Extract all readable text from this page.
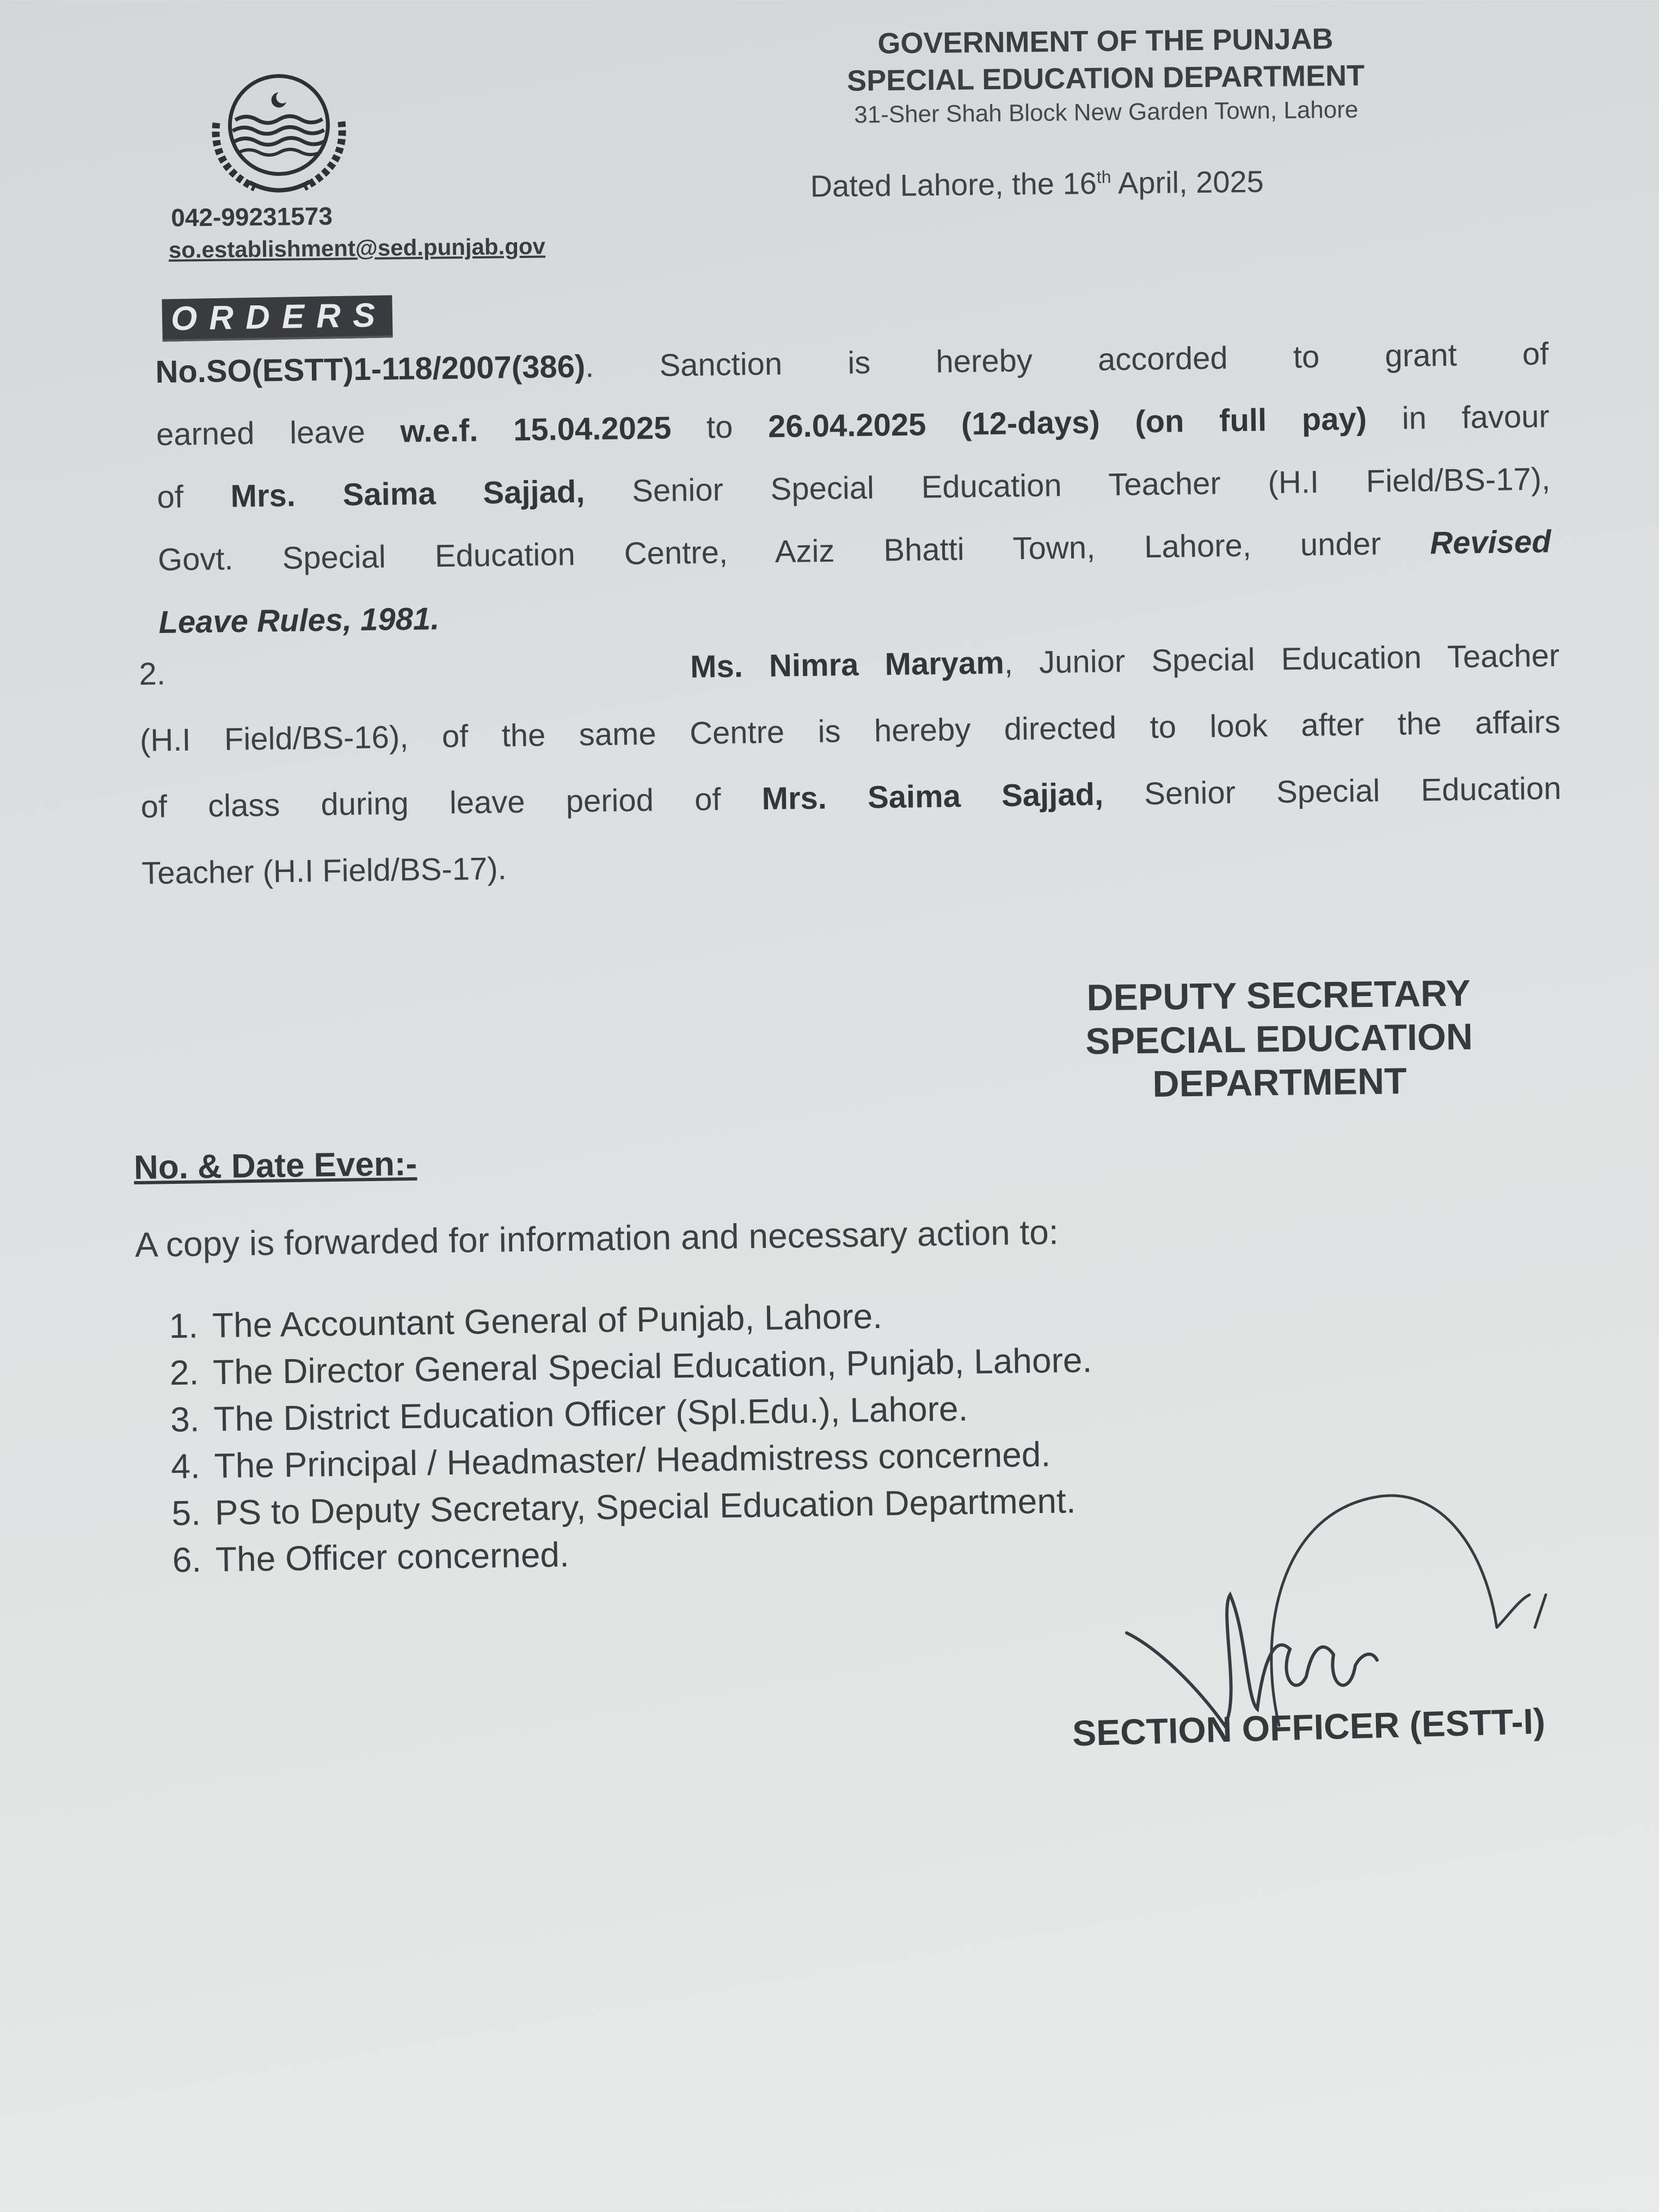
GOVERNMENT OF THE PUNJAB
SPECIAL EDUCATION DEPARTMENT
31-Sher Shah Block New Garden Town, Lahore
042-99231573
so.establishment@sed.punjab.gov
Dated Lahore, the 16th April, 2025
ORDERS
No.SO(ESTT)1-118/2007(386). Sanction is hereby accorded to grant of
earned leave w.e.f. 15.04.2025 to 26.04.2025 (12-days) (on full pay) in favour
of Mrs. Saima Sajjad, Senior Special Education Teacher (H.I Field/BS-17),
Govt. Special Education Centre, Aziz Bhatti Town, Lahore, under Revised
Leave Rules, 1981.
2.                    Ms. Nimra Maryam, Junior Special Education Teacher
(H.I Field/BS-16), of the same Centre is hereby directed to look after the affairs
of class during leave period of Mrs. Saima Sajjad, Senior Special Education
Teacher (H.I Field/BS-17).
DEPUTY SECRETARY
SPECIAL EDUCATION
DEPARTMENT
No. & Date Even:-
A copy is forwarded for information and necessary action to:
1. The Accountant General of Punjab, Lahore.
2. The Director General Special Education, Punjab, Lahore.
3. The District Education Officer (Spl.Edu.), Lahore.
4. The Principal / Headmaster/ Headmistress concerned.
5. PS to Deputy Secretary, Special Education Department.
6. The Officer concerned.
SECTION OFFICER (ESTT-I)
